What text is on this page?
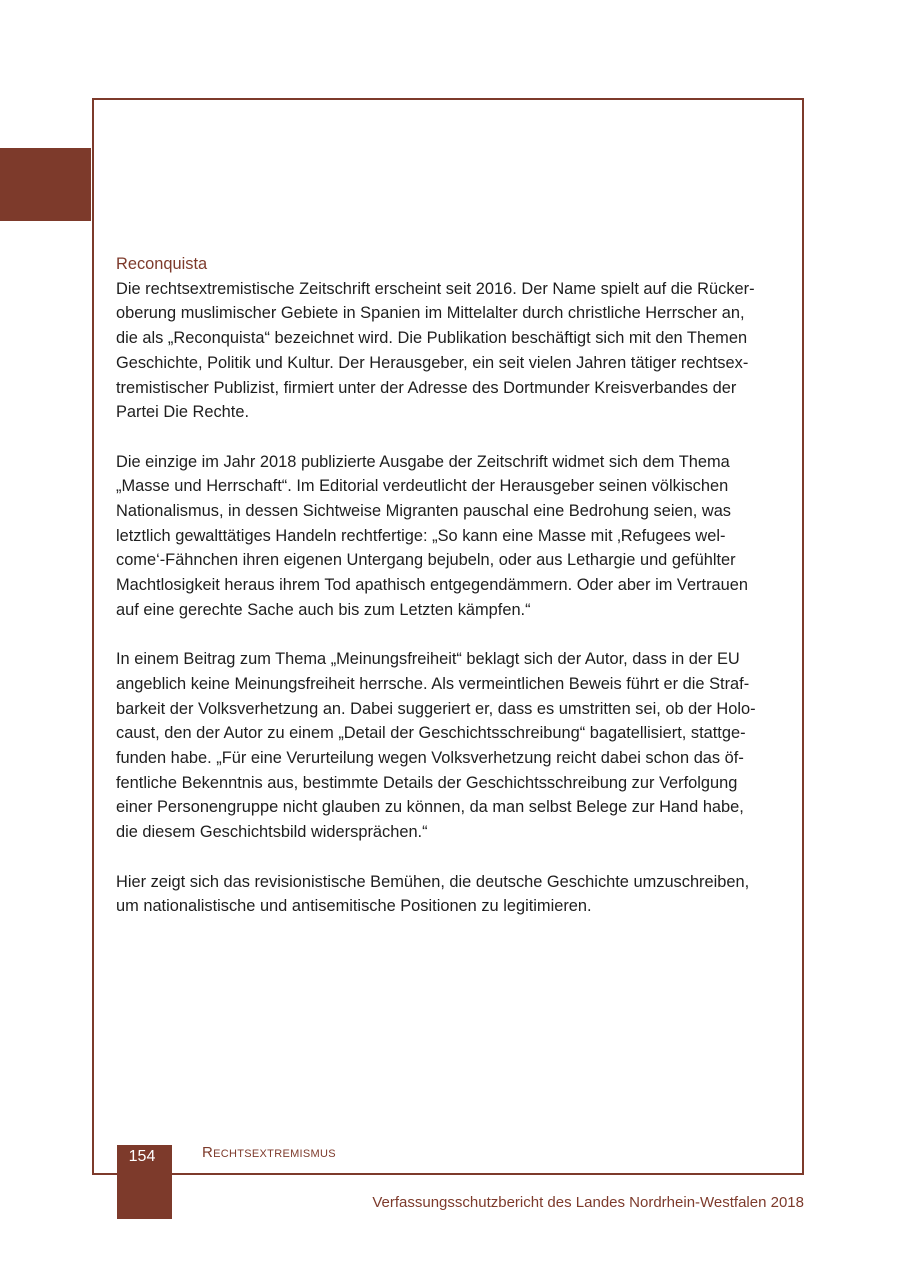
Reconquista

Die rechtsextremistische Zeitschrift erscheint seit 2016. Der Name spielt auf die Rücker-
oberung muslimischer Gebiete in Spanien im Mittelalter durch christliche Herrscher an,
die als „Reconquista“ bezeichnet wird. Die Publikation beschäftigt sich mit den Themen
Geschichte, Politik und Kultur. Der Herausgeber, ein seit vielen Jahren tätiger rechtsex-
tremistischer Publizist, firmiert unter der Adresse des Dortmunder Kreisverbandes der
Partei Die Rechte.

Die einzige im Jahr 2018 publizierte Ausgabe der Zeitschrift widmet sich dem Thema
„Masse und Herrschaft“. Im Editorial verdeutlicht der Herausgeber seinen völkischen
Nationalismus, in dessen Sichtweise Migranten pauschal eine Bedrohung seien, was
letztlich gewalttätiges Handeln rechtfertige: „So kann eine Masse mit ‚Refugees wel-
come‘-Fähnchen ihren eigenen Untergang bejubeln, oder aus Lethargie und gefühlter
Machtlosigkeit heraus ihrem Tod apathisch entgegendämmern. Oder aber im Vertrauen
auf eine gerechte Sache auch bis zum Letzten kämpfen.“

In einem Beitrag zum Thema „Meinungsfreiheit“ beklagt sich der Autor, dass in der EU
angeblich keine Meinungsfreiheit herrsche. Als vermeintlichen Beweis führt er die Straf-
barkeit der Volksverhetzung an. Dabei suggeriert er, dass es umstritten sei, ob der Holo-
caust, den der Autor zu einem „Detail der Geschichtsschreibung“ bagatellisiert, stattge-
funden habe. „Für eine Verurteilung wegen Volksverhetzung reicht dabei schon das öf-
fentliche Bekenntnis aus, bestimmte Details der Geschichtsschreibung zur Verfolgung
einer Personengruppe nicht glauben zu können, da man selbst Belege zur Hand habe,
die diesem Geschichtsbild widersprächen.“

Hier zeigt sich das revisionistische Bemühen, die deutsche Geschichte umzuschreiben,
um nationalistische und antisemitische Positionen zu legitimieren.

154	Rechtsextremismus
Verfassungsschutzbericht des Landes Nordrhein-Westfalen 2018
